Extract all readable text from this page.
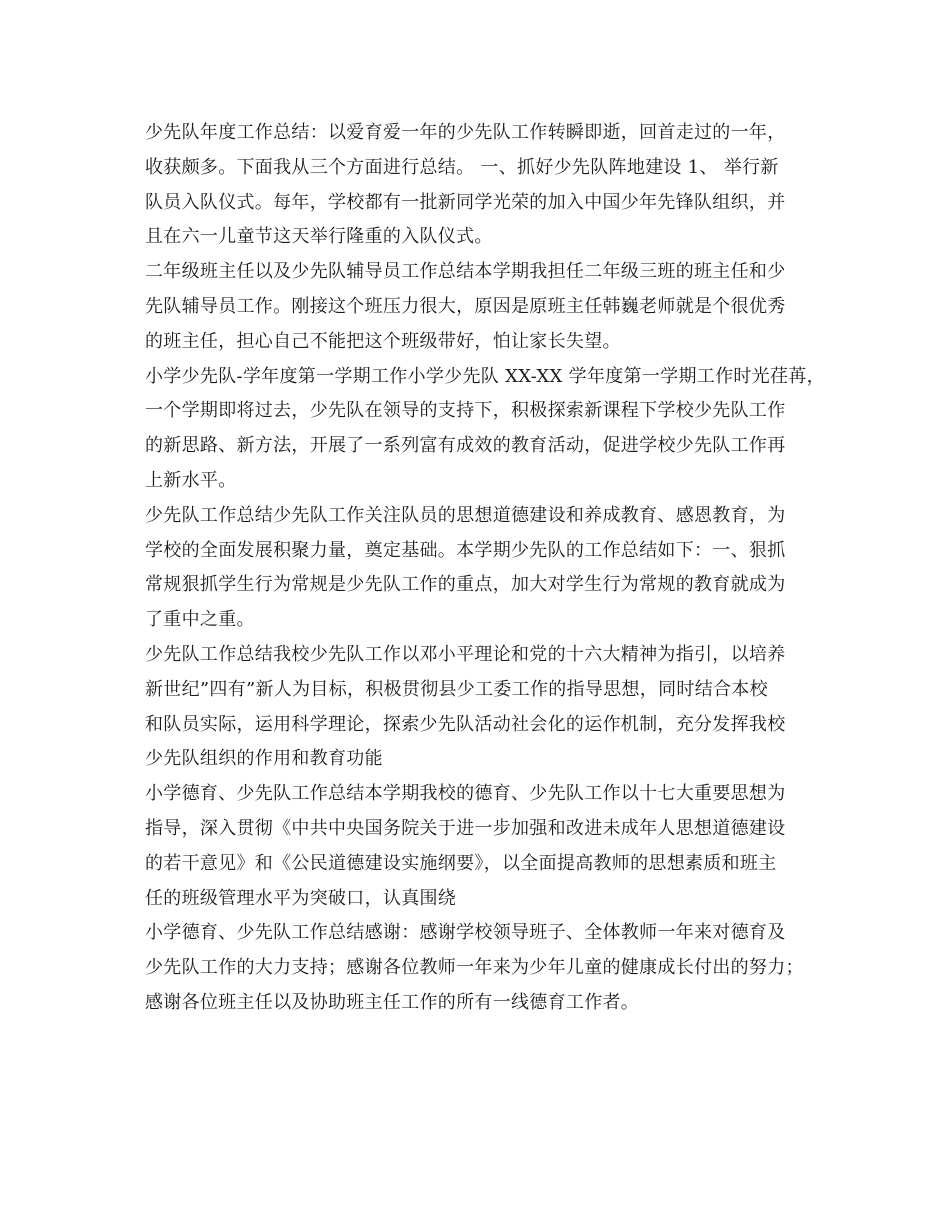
少先队年度工作总结：以爱育爱一年的少先队工作转瞬即逝，回首走过的一年，
收获颇多。下面我从三个方面进行总结。 一、抓好少先队阵地建设 1、 举行新
队员入队仪式。每年，学校都有一批新同学光荣的加入中国少年先锋队组织，并
且在六一儿童节这天举行隆重的入队仪式。
二年级班主任以及少先队辅导员工作总结本学期我担任二年级三班的班主任和少
先队辅导员工作。刚接这个班压力很大，原因是原班主任韩巍老师就是个很优秀
的班主任，担心自己不能把这个班级带好，怕让家长失望。
小学少先队-学年度第一学期工作小学少先队 XX-XX 学年度第一学期工作时光荏苒，
一个学期即将过去，少先队在领导的支持下，积极探索新课程下学校少先队工作
的新思路、新方法，开展了一系列富有成效的教育活动，促进学校少先队工作再
上新水平。
少先队工作总结少先队工作关注队员的思想道德建设和养成教育、感恩教育，为
学校的全面发展积聚力量，奠定基础。本学期少先队的工作总结如下：一、狠抓
常规狠抓学生行为常规是少先队工作的重点，加大对学生行为常规的教育就成为
了重中之重。
少先队工作总结我校少先队工作以邓小平理论和党的十六大精神为指引，以培养
新世纪”四有”新人为目标，积极贯彻县少工委工作的指导思想，同时结合本校
和队员实际，运用科学理论，探索少先队活动社会化的运作机制，充分发挥我校
少先队组织的作用和教育功能
小学德育、少先队工作总结本学期我校的德育、少先队工作以十七大重要思想为
指导，深入贯彻《中共中央国务院关于进一步加强和改进未成年人思想道德建设
的若干意见》和《公民道德建设实施纲要》，以全面提高教师的思想素质和班主
任的班级管理水平为突破口，认真围绕
小学德育、少先队工作总结感谢：感谢学校领导班子、全体教师一年来对德育及
少先队工作的大力支持；感谢各位教师一年来为少年儿童的健康成长付出的努力；
感谢各位班主任以及协助班主任工作的所有一线德育工作者。
